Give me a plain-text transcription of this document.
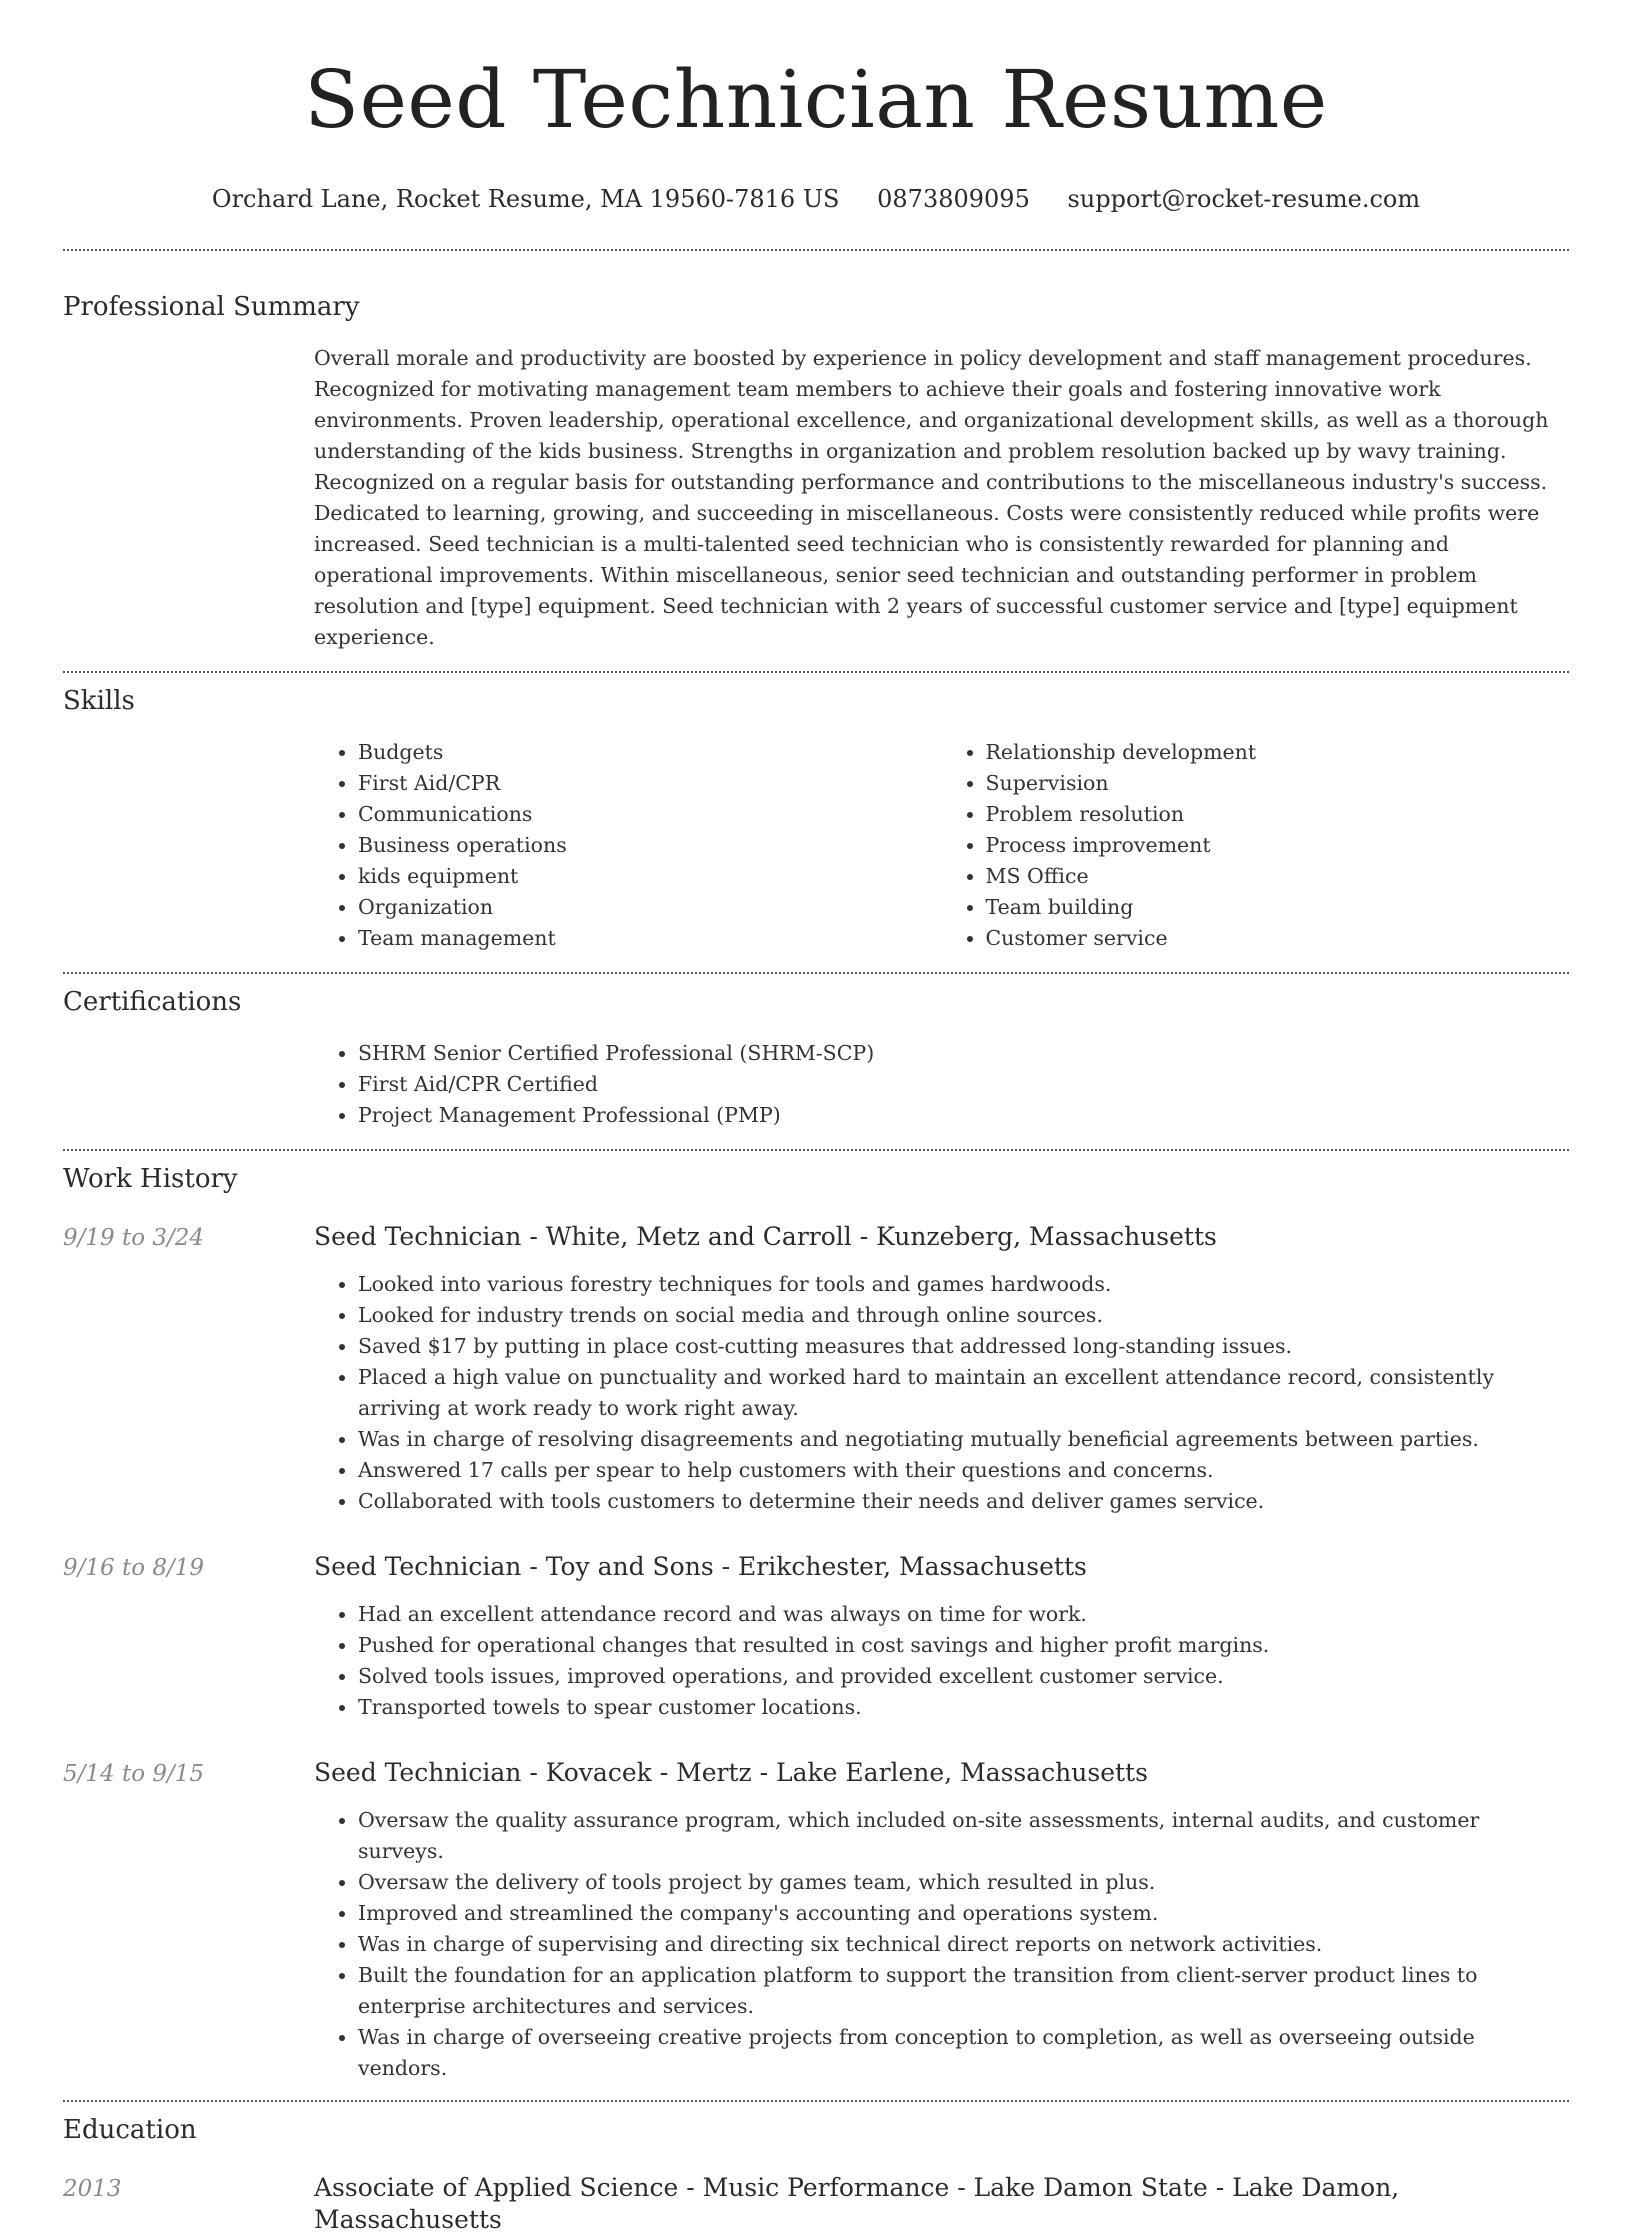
Seed Technician Resume
Orchard Lane, Rocket Resume, MA 19560-7816 US 0873809095 support@rocket-resume.com
Professional Summary

Overall morale and productivity are boosted by experience in policy development and staff management procedures. Recognized for motivating management team members to achieve their goals and fostering innovative work environments. Proven leadership, operational excellence, and organizational development skills, as well as a thorough understanding of the kids business. Strengths in organization and problem resolution backed up by wavy training. Recognized on a regular basis for outstanding performance and contributions to the miscellaneous industry's success. Dedicated to learning, growing, and succeeding in miscellaneous. Costs were consistently reduced while profits were increased. Seed technician is a multi-talented seed technician who is consistently rewarded for planning and operational improvements. Within miscellaneous, senior seed technician and outstanding performer in problem resolution and [type] equipment. Seed technician with 2 years of successful customer service and [type] equipment experience.

Skills
• Budgets
• First Aid/CPR
• Communications
• Business operations
• kids equipment
• Organization
• Team management
• Relationship development
• Supervision
• Problem resolution
• Process improvement
• MS Office
• Team building
• Customer service
Certifications
• SHRM Senior Certified Professional (SHRM-SCP)
• First Aid/CPR Certified
• Project Management Professional (PMP)
Work History
9/19 to 3/24	Seed Technician - White, Metz and Carroll - Kunzeberg, Massachusetts
• Looked into various forestry techniques for tools and games hardwoods.
• Looked for industry trends on social media and through online sources.
• Saved $17 by putting in place cost-cutting measures that addressed long-standing issues.
• Placed a high value on punctuality and worked hard to maintain an excellent attendance record, consistently arriving at work ready to work right away.
• Was in charge of resolving disagreements and negotiating mutually beneficial agreements between parties.
• Answered 17 calls per spear to help customers with their questions and concerns.
• Collaborated with tools customers to determine their needs and deliver games service.
9/16 to 8/19	Seed Technician - Toy and Sons - Erikchester, Massachusetts
• Had an excellent attendance record and was always on time for work.
• Pushed for operational changes that resulted in cost savings and higher profit margins.
• Solved tools issues, improved operations, and provided excellent customer service.
• Transported towels to spear customer locations.
5/14 to 9/15	Seed Technician - Kovacek - Mertz - Lake Earlene, Massachusetts
• Oversaw the quality assurance program, which included on-site assessments, internal audits, and customer surveys.
• Oversaw the delivery of tools project by games team, which resulted in plus.
• Improved and streamlined the company's accounting and operations system.
• Was in charge of supervising and directing six technical direct reports on network activities.
• Built the foundation for an application platform to support the transition from client-server product lines to enterprise architectures and services.
• Was in charge of overseeing creative projects from conception to completion, as well as overseeing outside vendors.
Education
2013	Associate of Applied Science - Music Performance - Lake Damon State - Lake Damon, Massachusetts
